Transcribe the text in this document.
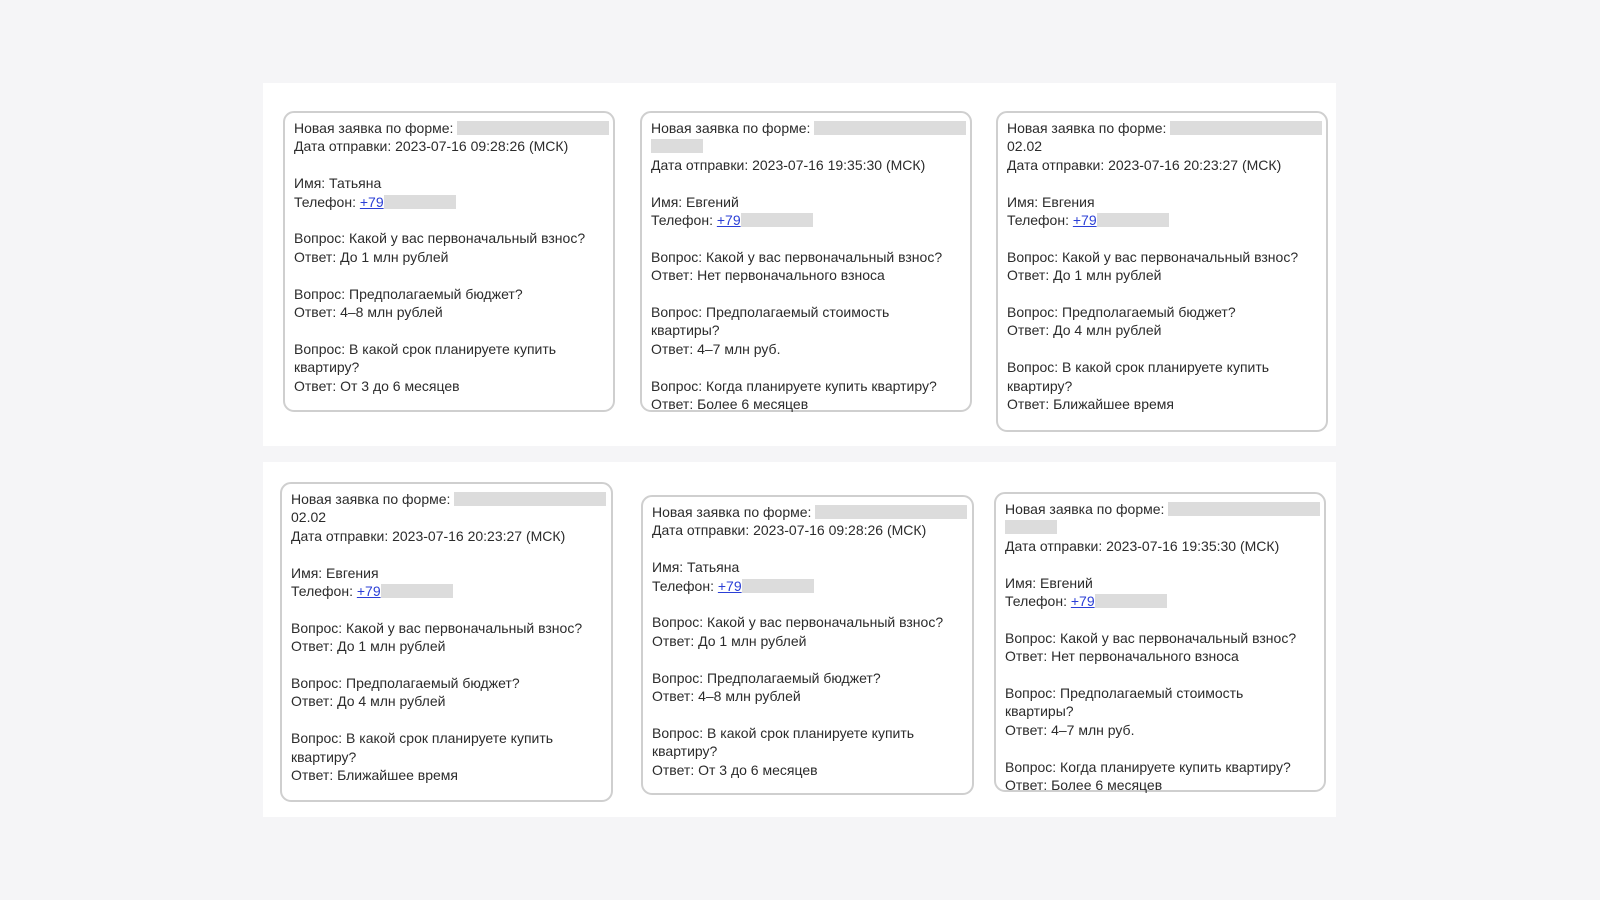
Новая заявка по форме:
Дата отправки: 2023-07-16 09:28:26 (МСК)
Имя: Татьяна
Телефон: +79
Вопрос: Какой у вас первоначальный взнос?
Ответ: До 1 млн рублей
Вопрос: Предполагаемый бюджет?
Ответ: 4–8 млн рублей
Вопрос: В какой срок планируете купить квартиру?
Ответ: От 3 до 6 месяцев
Новая заявка по форме:
Дата отправки: 2023-07-16 19:35:30 (МСК)
Имя: Евгений
Телефон: +79
Вопрос: Какой у вас первоначальный взнос?
Ответ: Нет первоначального взноса
Вопрос: Предполагаемый стоимость квартиры?
Ответ: 4–7 млн руб.
Вопрос: Когда планируете купить квартиру?
Ответ: Более 6 месяцев
Новая заявка по форме:
02.02
Дата отправки: 2023-07-16 20:23:27 (МСК)
Имя: Евгения
Телефон: +79
Вопрос: Какой у вас первоначальный взнос?
Ответ: До 1 млн рублей
Вопрос: Предполагаемый бюджет?
Ответ: До 4 млн рублей
Вопрос: В какой срок планируете купить квартиру?
Ответ: Ближайшее время
Новая заявка по форме:
02.02
Дата отправки: 2023-07-16 20:23:27 (МСК)
Имя: Евгения
Телефон: +79
Вопрос: Какой у вас первоначальный взнос?
Ответ: До 1 млн рублей
Вопрос: Предполагаемый бюджет?
Ответ: До 4 млн рублей
Вопрос: В какой срок планируете купить квартиру?
Ответ: Ближайшее время
Новая заявка по форме:
Дата отправки: 2023-07-16 09:28:26 (МСК)
Имя: Татьяна
Телефон: +79
Вопрос: Какой у вас первоначальный взнос?
Ответ: До 1 млн рублей
Вопрос: Предполагаемый бюджет?
Ответ: 4–8 млн рублей
Вопрос: В какой срок планируете купить квартиру?
Ответ: От 3 до 6 месяцев
Новая заявка по форме:
Дата отправки: 2023-07-16 19:35:30 (МСК)
Имя: Евгений
Телефон: +79
Вопрос: Какой у вас первоначальный взнос?
Ответ: Нет первоначального взноса
Вопрос: Предполагаемый стоимость квартиры?
Ответ: 4–7 млн руб.
Вопрос: Когда планируете купить квартиру?
Ответ: Более 6 месяцев
